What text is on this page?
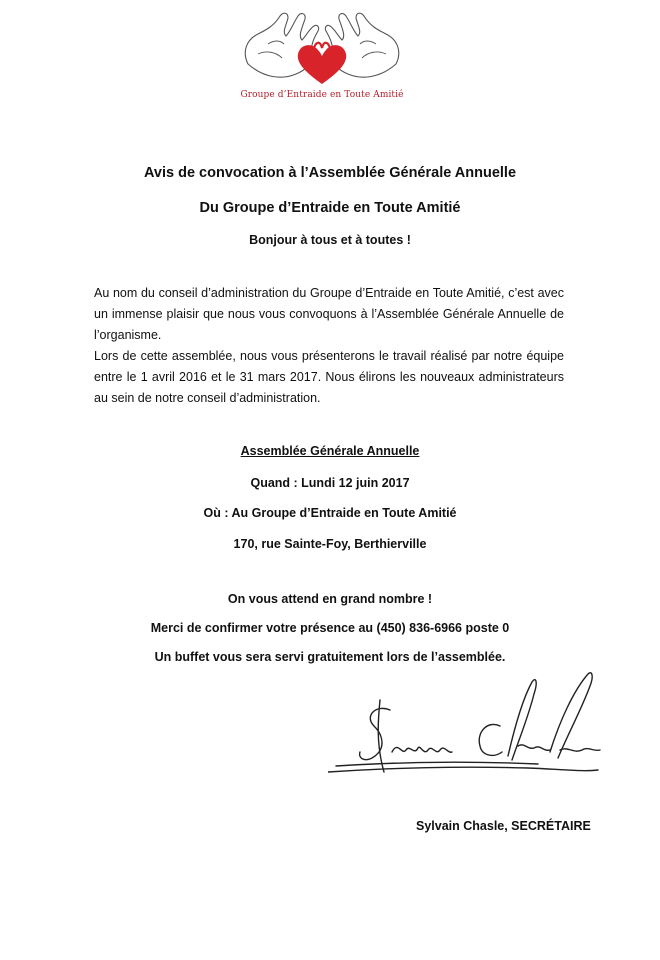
Groupe d’Entraide en Toute Amitié
Avis de convocation à l’Assemblée Générale Annuelle
Du Groupe d’Entraide en Toute Amitié
Bonjour à tous et à toutes !
Au nom du conseil d’administration du Groupe d’Entraide en Toute Amitié, c’est avec un immense plaisir que nous vous convoquons à l’Assemblée Générale Annuelle de l’organisme.
Lors de cette assemblée, nous vous présenterons le travail réalisé par notre équipe entre le 1 avril 2016 et le 31 mars 2017. Nous élirons les nouveaux administrateurs au sein de notre conseil d’administration.
Assemblée Générale Annuelle
Quand : Lundi 12 juin 2017
Où : Au Groupe d’Entraide en Toute Amitié
170, rue Sainte-Foy, Berthierville
On vous attend en grand nombre !
Merci de confirmer votre présence au (450) 836-6966 poste 0
Un buffet vous sera servi gratuitement lors de l’assemblée.
Sylvain Chasle, SECRÉTAIRE
